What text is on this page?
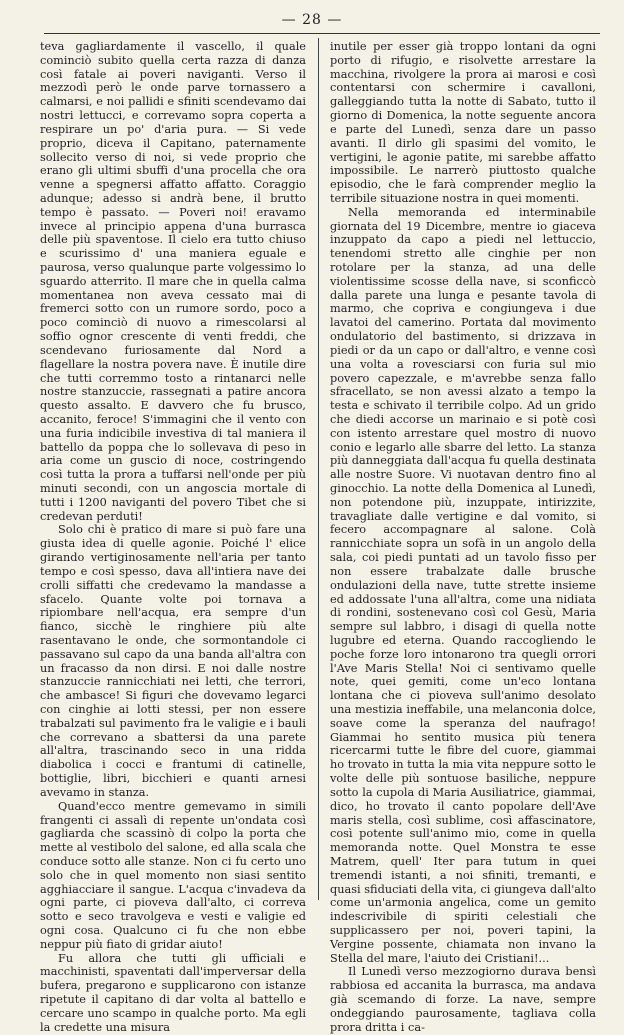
— 28 —

teva gagliardamente il vascello, il quale cominciò subito quella certa razza di danza così fatale ai poveri naviganti. Verso il mezzodì però le onde parve tornassero a calmarsi, e noi pallidi e sfiniti scendevamo dai nostri lettucci, e correvamo sopra coperta a respirare un po' d'aria pura. — Si vede proprio, diceva il Capitano, paternamente sollecito verso di noi, si vede proprio che erano gli ultimi sbuffi d'una procella che ora venne a spegnersi affatto affatto. Coraggio adunque; adesso si andrà bene, il brutto tempo è passato. — Poveri noi! eravamo invece al principio appena d'una burrasca delle più spaventose. Il cielo era tutto chiuso e scurissimo d' una maniera eguale e paurosa, verso qualunque parte volgessimo lo sguardo atterrito. Il mare che in quella calma momentanea non aveva cessato mai di fremerci sotto con un rumore sordo, poco a poco cominciò di nuovo a rimescolarsi al soffio ognor crescente di venti freddi, che scendevano furiosamente dal Nord a flagellare la nostra povera nave. È inutile dire che tutti corremmo tosto a rintanarci nelle nostre stanzuccie, rassegnati a patire ancora questo assalto. E davvero che fu brusco, accanito, feroce! S'immagini che il vento con una furia indicibile investiva di tal maniera il battello da poppa che lo sollevava di peso in aria come un guscio di noce, costringendo così tutta la prora a tuffarsi nell'onde per più minuti secondi, con un angoscia mortale di tutti i 1200 naviganti del povero Tibet che si credevan perduti!

Solo chi è pratico di mare si può fare una giusta idea di quelle agonie. Poiché l' elice girando vertiginosamente nell'aria per tanto tempo e così spesso, dava all'intiera nave dei crolli siffatti che credevamo la mandasse a sfacelo. Quante volte poi tornava a ripiombare nell'acqua, era sempre d'un fianco, sicchè le ringhiere più alte rasentavano le onde, che sormontandole ci passavano sul capo da una banda all'altra con un fracasso da non dirsi. E noi dalle nostre stanzuccie rannicchiati nei letti, che terrori, che ambasce! Si figuri che dovevamo legarci con cinghie ai lotti stessi, per non essere trabalzati sul pavimento fra le valigie e i bauli che correvano a sbattersi da una parete all'altra, trascinando seco in una ridda diabolica i cocci e frantumi di catinelle, bottiglie, libri, bicchieri e quanti arnesi avevamo in stanza.

Quand'ecco mentre gemevamo in simili frangenti ci assalì di repente un'ondata così gagliarda che scassinò di colpo la porta che mette al vestibolo del salone, ed alla scala che conduce sotto alle stanze. Non ci fu certo uno solo che in quel momento non siasi sentito agghiacciare il sangue. L'acqua c'invadeva da ogni parte, ci pioveva dall'alto, ci correva sotto e seco travolgeva e vesti e valigie ed ogni cosa. Qualcuno ci fu che non ebbe neppur più fiato di gridar aiuto!

Fu allora che tutti gli ufficiali e macchinisti, spaventati dall'imperversar della bufera, pregarono e supplicarono con istanze ripetute il capitano di dar volta al battello e cercare uno scampo in qualche porto. Ma egli la credette una misura

inutile per esser già troppo lontani da ogni porto di rifugio, e risolvette arrestare la macchina, rivolgere la prora ai marosi e così contentarsi con schermire i cavalloni, galleggiando tutta la notte di Sabato, tutto il giorno di Domenica, la notte seguente ancora e parte del Lunedì, senza dare un passo avanti. Il dirlo gli spasimi del vomito, le vertigini, le agonie patite, mi sarebbe affatto impossibile. Le narrerò piuttosto qualche episodio, che le farà comprender meglio la terribile situazione nostra in quei momenti.

Nella memoranda ed interminabile giornata del 19 Dicembre, mentre io giaceva inzuppato da capo a piedi nel lettuccio, tenendomi stretto alle cinghie per non rotolare per la stanza, ad una delle violentissime scosse della nave, si sconficcò dalla parete una lunga e pesante tavola di marmo, che copriva e congiungeva i due lavatoi del camerino. Portata dal movimento ondulatorio del bastimento, si drizzava in piedi or da un capo or dall'altro, e venne così una volta a rovesciarsi con furia sul mio povero capezzale, e m'avrebbe senza fallo sfracellato, se non avessi alzato a tempo la testa e schivato il terribile colpo. Ad un grido che diedi accorse un marinaio e si potè così con istento arrestare quel mostro di nuovo conio e legarlo alle sbarre del letto. La stanza più danneggiata dall'acqua fu quella destinata alle nostre Suore. Vi nuotavan dentro fino al ginocchio. La notte della Domenica al Lunedì, non potendone più, inzuppate, intirizzite, travagliate dalle vertigine e dal vomito, si fecero accompagnare al salone. Colà rannicchiate sopra un sofà in un angolo della sala, coi piedi puntati ad un tavolo fisso per non essere trabalzate dalle brusche ondulazioni della nave, tutte strette insieme ed addossate l'una all'altra, come una nidiata di rondini, sostenevano così col Gesù, Maria sempre sul labbro, i disagi di quella notte lugubre ed eterna. Quando raccogliendo le poche forze loro intonarono tra quegli orrori l'Ave Maris Stella! Noi ci sentivamo quelle note, quei gemiti, come un'eco lontana lontana che ci pioveva sull'animo desolato una mestizia ineffabile, una melanconia dolce, soave come la speranza del naufrago! Giammai ho sentito musica più tenera ricercarmi tutte le fibre del cuore, giammai ho trovato in tutta la mia vita neppure sotto le volte delle più sontuose basiliche, neppure sotto la cupola di Maria Ausiliatrice, giammai, dico, ho trovato il canto popolare dell'Ave maris stella, così sublime, così affascinatore, così potente sull'animo mio, come in quella memoranda notte. Quel Monstra te esse Matrem, quell' Iter para tutum in quei tremendi istanti, a noi sfiniti, tremanti, e quasi sfiduciati della vita, ci giungeva dall'alto come un'armonia angelica, come un gemito indescrivibile di spiriti celestiali che supplicassero per noi, poveri tapini, la Vergine possente, chiamata non invano la Stella del mare, l'aiuto dei Cristiani!...

Il Lunedì verso mezzogiorno durava bensì rabbiosa ed accanita la burrasca, ma andava già scemando di forze. La nave, sempre ondeggiando paurosamente, tagliava colla prora dritta i ca-
